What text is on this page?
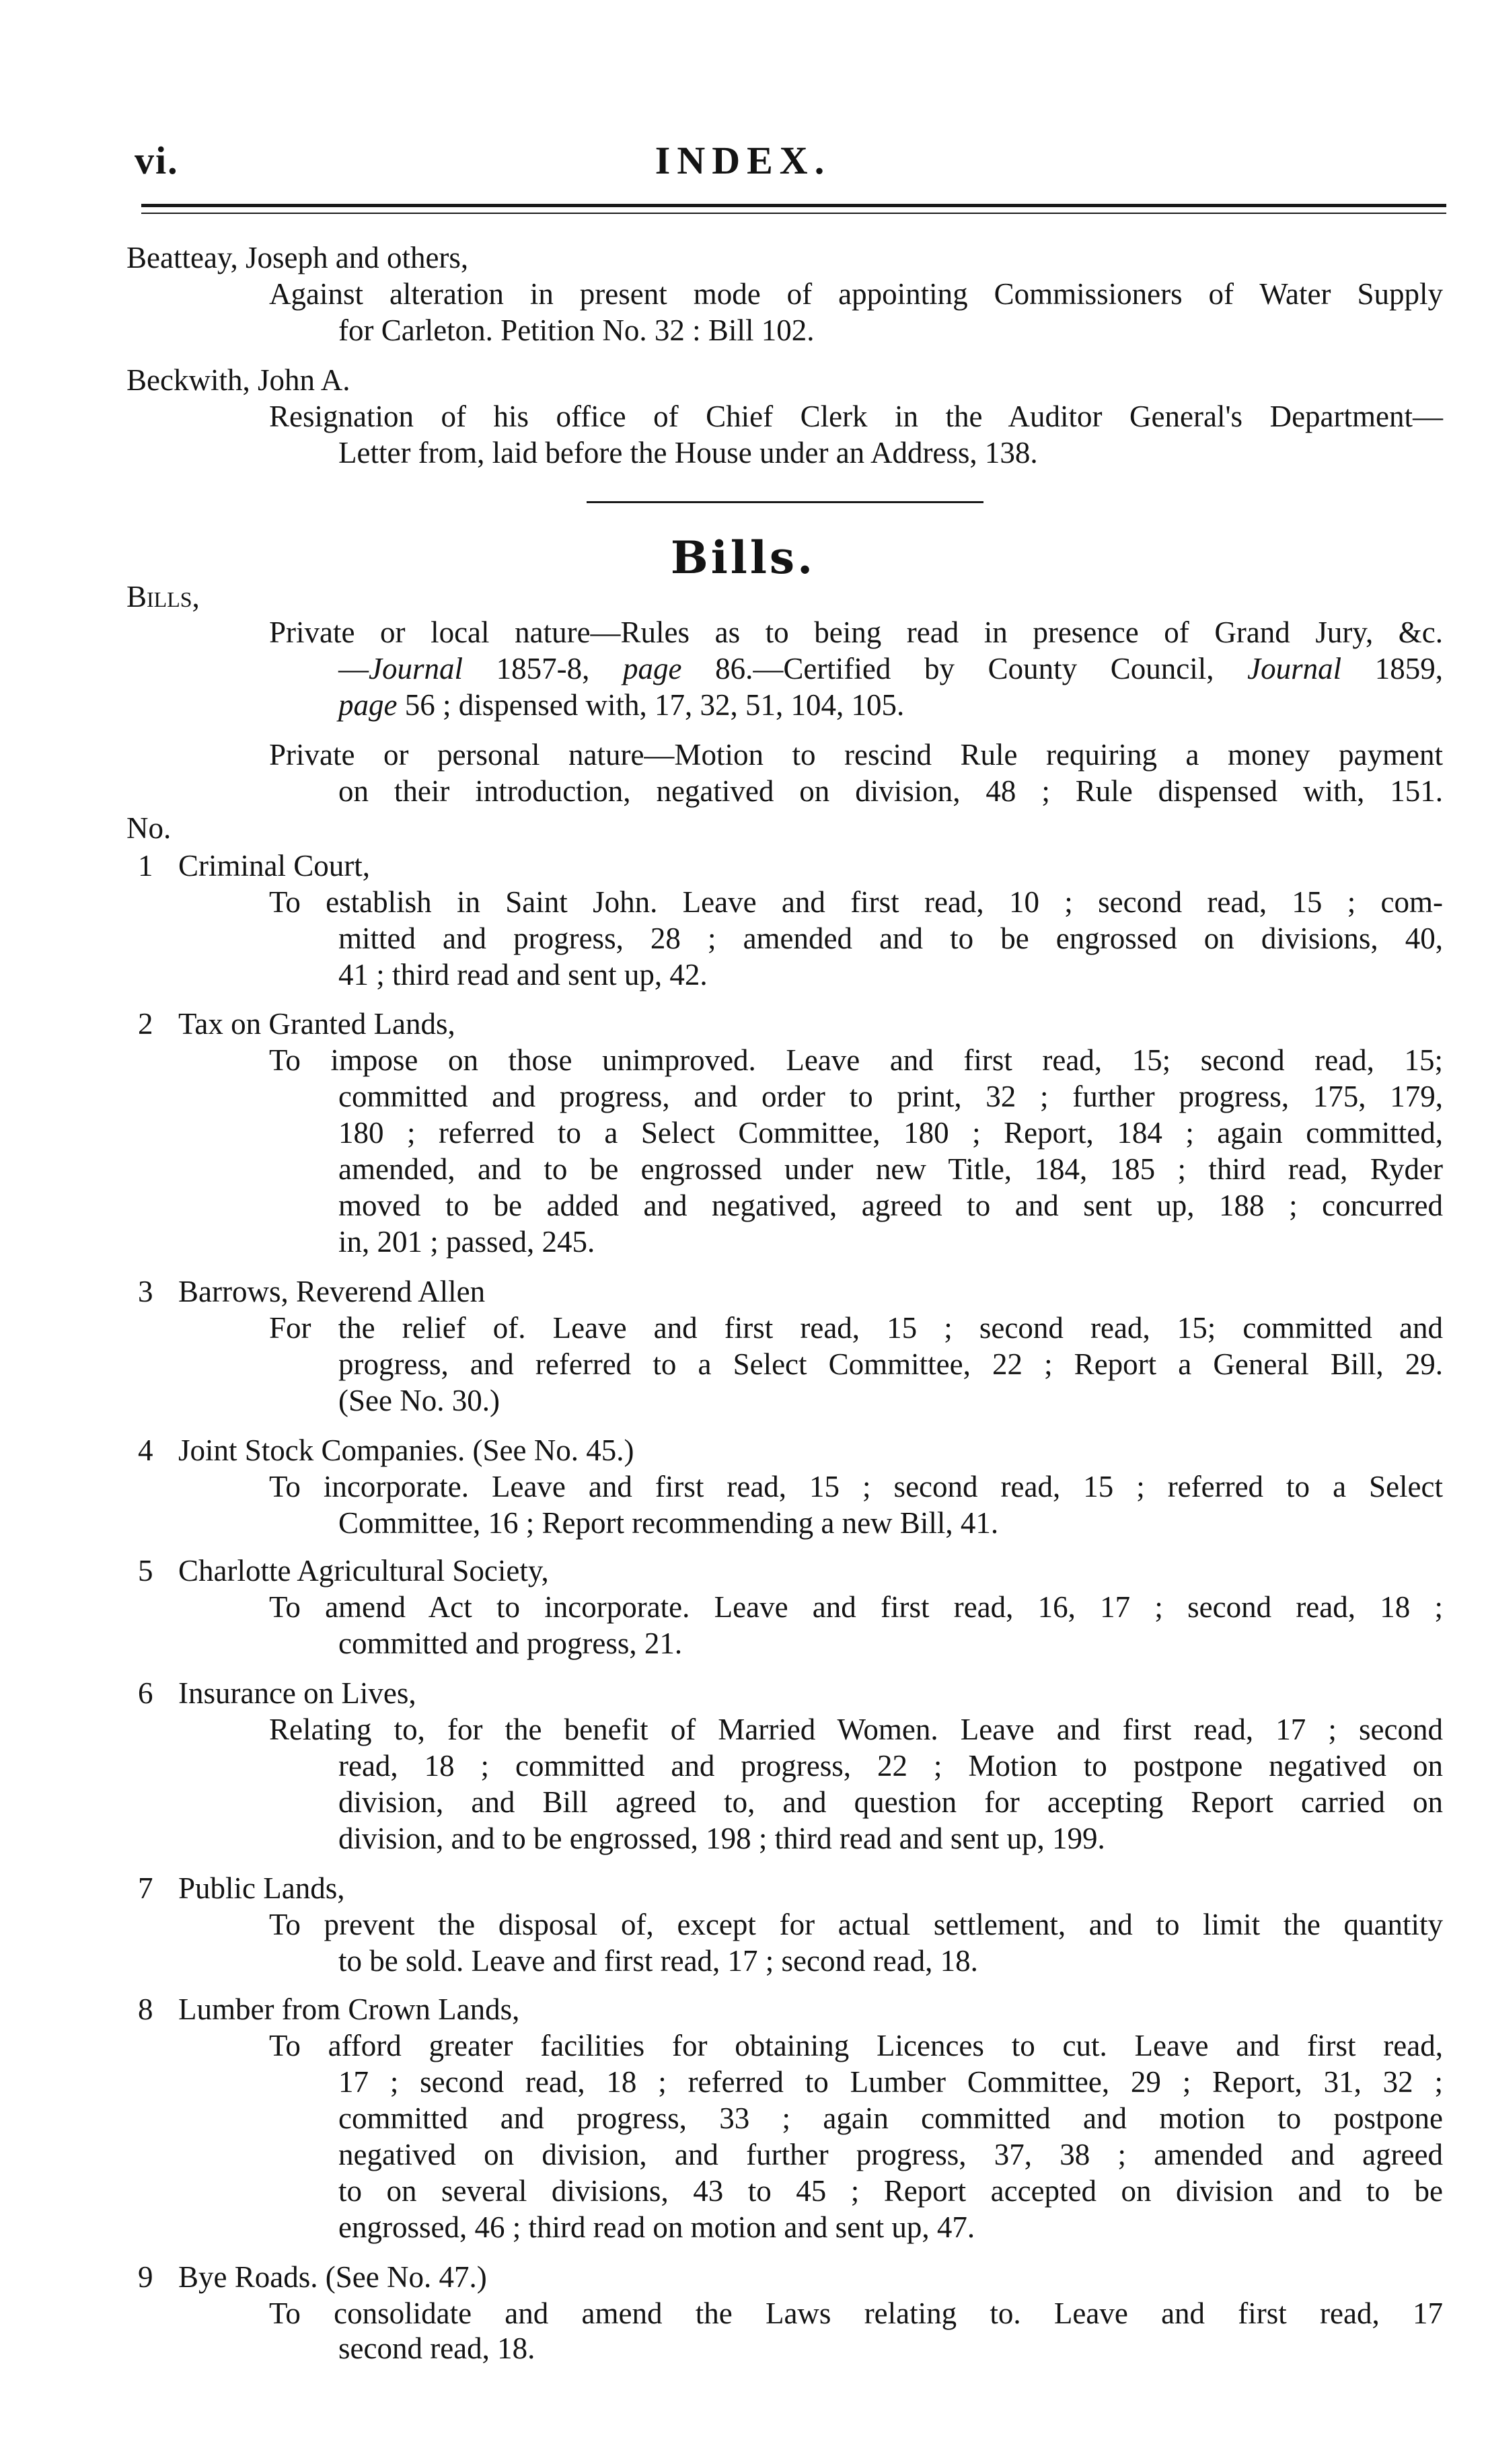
vi.	INDEX.
Beatteay, Joseph and others,
Against alteration in present mode of appointing Commissioners of Water Supply
for Carleton. Petition No. 32 : Bill 102.
Beckwith, John A.
Resignation of his office of Chief Clerk in the Auditor General's Department—
Letter from, laid before the House under an Address, 138.
Bills.
Bills,
Private or local nature—Rules as to being read in presence of Grand Jury, &c.
—Journal 1857-8, page 86.—Certified by County Council, Journal 1859,
page 56 ; dispensed with, 17, 32, 51, 104, 105.
Private or personal nature—Motion to rescind Rule requiring a money payment
on their introduction, negatived on division, 48 ; Rule dispensed with, 151.
No.
1 Criminal Court,
To establish in Saint John. Leave and first read, 10 ; second read, 15 ; com-
mitted and progress, 28 ; amended and to be engrossed on divisions, 40,
41 ; third read and sent up, 42.
2 Tax on Granted Lands,
To impose on those unimproved. Leave and first read, 15; second read, 15;
committed and progress, and order to print, 32 ; further progress, 175, 179,
180 ; referred to a Select Committee, 180 ; Report, 184 ; again committed,
amended, and to be engrossed under new Title, 184, 185 ; third read, Ryder
moved to be added and negatived, agreed to and sent up, 188 ; concurred
in, 201 ; passed, 245.
3 Barrows, Reverend Allen
For the relief of. Leave and first read, 15 ; second read, 15; committed and
progress, and referred to a Select Committee, 22 ; Report a General Bill, 29.
(See No. 30.)
4 Joint Stock Companies. (See No. 45.)
To incorporate. Leave and first read, 15 ; second read, 15 ; referred to a Select
Committee, 16 ; Report recommending a new Bill, 41.
5 Charlotte Agricultural Society,
To amend Act to incorporate. Leave and first read, 16, 17 ; second read, 18 ;
committed and progress, 21.
6 Insurance on Lives,
Relating to, for the benefit of Married Women. Leave and first read, 17 ; second
read, 18 ; committed and progress, 22 ; Motion to postpone negatived on
division, and Bill agreed to, and question for accepting Report carried on
division, and to be engrossed, 198 ; third read and sent up, 199.
7 Public Lands,
To prevent the disposal of, except for actual settlement, and to limit the quantity
to be sold. Leave and first read, 17 ; second read, 18.
8 Lumber from Crown Lands,
To afford greater facilities for obtaining Licences to cut. Leave and first read,
17 ; second read, 18 ; referred to Lumber Committee, 29 ; Report, 31, 32 ;
committed and progress, 33 ; again committed and motion to postpone
negatived on division, and further progress, 37, 38 ; amended and agreed
to on several divisions, 43 to 45 ; Report accepted on division and to be
engrossed, 46 ; third read on motion and sent up, 47.
9 Bye Roads. (See No. 47.)
To consolidate and amend the Laws relating to. Leave and first read, 17
second read, 18.
